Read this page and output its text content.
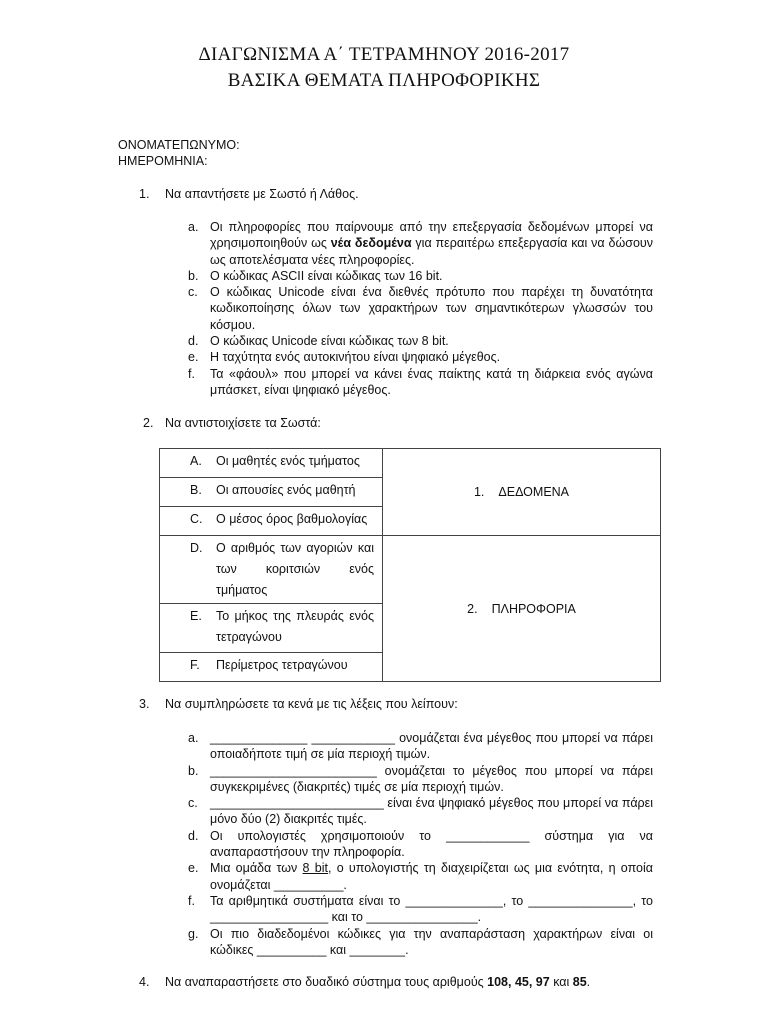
ΔΙΑΓΩΝΙΣΜΑ Α΄ ΤΕΤΡΑΜΗΝΟΥ 2016-2017
ΒΑΣΙΚΑ ΘΕΜΑΤΑ ΠΛΗΡΟΦΟΡΙΚΗΣ
ΟΝΟΜΑΤΕΠΩΝΥΜΟ:
ΗΜΕΡΟΜΗΝΙΑ:
1. Να απαντήσετε με Σωστό ή Λάθος.
a. Οι πληροφορίες που παίρνουμε από την επεξεργασία δεδομένων μπορεί να χρησιμοποιηθούν ως νέα δεδομένα για περαιτέρω επεξεργασία και να δώσουν ως αποτελέσματα νέες πληροφορίες.
b. Ο κώδικας ASCII είναι κώδικας των 16 bit.
c. Ο κώδικας Unicode είναι ένα διεθνές πρότυπο που παρέχει τη δυνατότητα κωδικοποίησης όλων των χαρακτήρων των σημαντικότερων γλωσσών του κόσμου.
d. Ο κώδικας Unicode είναι κώδικας των 8 bit.
e. Η ταχύτητα ενός αυτοκινήτου είναι ψηφιακό μέγεθος.
f.	Τα «φάουλ» που μπορεί να κάνει ένας παίκτης κατά τη διάρκεια ενός αγώνα μπάσκετ, είναι ψηφιακό μέγεθος.
2. Να αντιστοιχίσετε τα Σωστά:
A. Οι μαθητές ενός τμήματος	1. ΔΕΔΟΜΕΝΑ

B. Οι απουσίες ενός μαθητή	

C. Ο μέσος όρος βαθμολογίας	

D. Ο αριθμός των αγοριών και των κοριτσιών ενός τμήματος	2. ΠΛΗΡΟΦΟΡΙΑ

E. Το μήκος της πλευράς ενός τετραγώνου	

F. Περίμετρος τετραγώνου	
3. Να συμπληρώσετε τα κενά με τις λέξεις που λείπουν:
a. ______________ ____________ ονομάζεται ένα μέγεθος που μπορεί να πάρει οποιαδήποτε τιμή σε μία περιοχή τιμών.
b. ________________________ ονομάζεται το μέγεθος που μπορεί να πάρει συγκεκριμένες (διακριτές) τιμές σε μία περιοχή τιμών.
c. _________________________ είναι ένα ψηφιακό μέγεθος που μπορεί να πάρει μόνο δύο (2) διακριτές τιμές.
d. Οι υπολογιστές χρησιμοποιούν το ____________ σύστημα για να αναπαραστήσουν την πληροφορία.
e. Μια ομάδα των 8 bit, ο υπολογιστής τη διαχειρίζεται ως μια ενότητα, η οποία ονομάζεται __________.
f.	Τα αριθμητικά συστήματα είναι το ______________, το _______________, το _________________ και το ________________.
g. Οι πιο διαδεδομένοι κώδικες για την αναπαράσταση χαρακτήρων είναι οι κώδικες __________ και ________.
4. Να αναπαραστήσετε στο δυαδικό σύστημα τους αριθμούς 108, 45, 97 και 85.
